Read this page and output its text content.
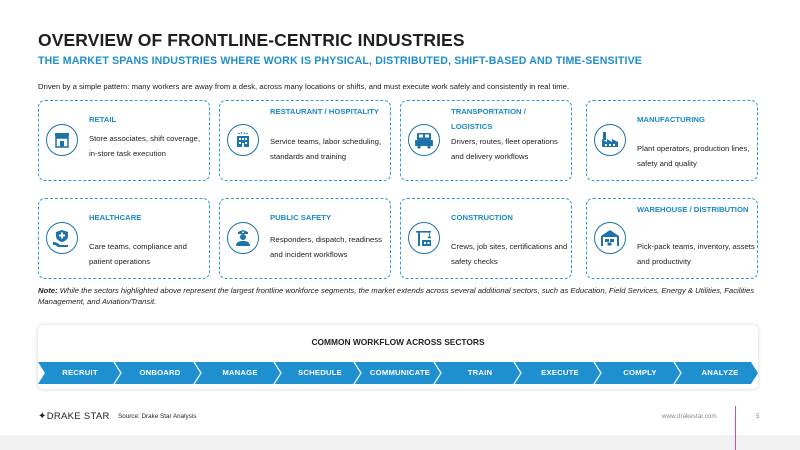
OVERVIEW OF FRONTLINE-CENTRIC INDUSTRIES
THE MARKET SPANS INDUSTRIES WHERE WORK IS PHYSICAL, DISTRIBUTED, SHIFT-BASED AND TIME-SENSITIVE
Driven by a simple pattern: many workers are away from a desk, across many locations or shifts, and must execute work safely and consistently in real time.
RETAIL
Store associates, shift coverage, in-store task execution
RESTAURANT / HOSPITALITY
Service teams, labor scheduling, standards and training
TRANSPORTATION / LOGISTICS
Drivers, routes, fleet operations and delivery workflows
MANUFACTURING
Plant operators, production lines, safety and quality
HEALTHCARE
Care teams, compliance and patient operations
PUBLIC SAFETY
Responders, dispatch, readiness and incident workflows
CONSTRUCTION
Crews, job sites, certifications and safety checks
WAREHOUSE / DISTRIBUTION
Pick-pack teams, inventory, assets and productivity
Note: While the sectors highlighted above represent the largest frontline workforce segments, the market extends across several additional sectors, such as Education, Field Services, Energy & Utilities, Facilities Management, and Aviation/Transit.
COMMON WORKFLOW ACROSS SECTORS
RECRUIT	ONBOARD	MANAGE	SCHEDULE	COMMUNICATE	TRAIN	EXECUTE	COMPLY	ANALYZE
✦DRAKE STAR Source: Drake Star Analysis	www.drakestar.com	5
